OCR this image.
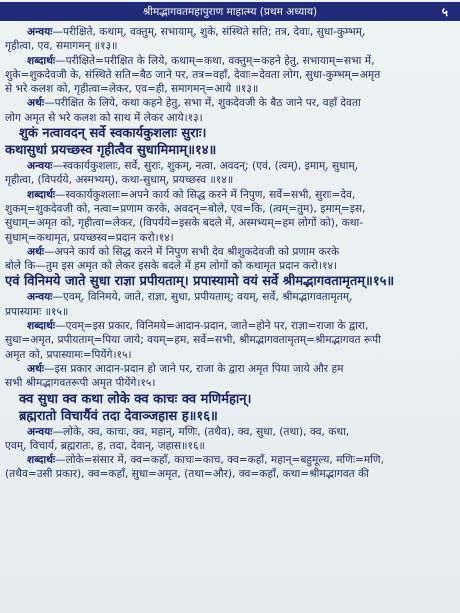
श्रीमद्भागवतमहापुराण माहात्म्य (प्रथम अध्याय)	५
अन्वयः—परीक्षिते, कथाम्, वक्तुम्, सभायाम्, शुके, संस्थिते सति; तत्र, देवाः, सुधा-कुम्भम्,
गृहीत्वा, एव, समागमन् ॥१३॥
शब्दार्थः—परीक्षिते=परीक्षित के लिये, कथाम्=कथा, वक्तुम्=कहने हेतु, सभायाम्=सभा में,
शुके=शुकदेवजी के, संस्थिते सति=बैठ जाने पर, तत्र=वहाँ, देवाः=देवता लोग, सुधा-कुम्भम्=अमृत
से भरे कलश को, गृहीत्वा=लेकर, एव=ही, समागमन्=आये ॥१३॥
अर्थः—परीक्षित के लिये, कथा कहने हेतु, सभा में, शुकदेवजी के बैठ जाने पर, वहाँ देवता
लोग अमृत से भरे कलश को साथ में लेकर आये।१३।
शुकं नत्वावदन् सर्वे स्वकार्यकुशलाः सुराः।
कथासुधां प्रयच्छस्व गृहीत्वैव सुधामिमाम्॥१४॥
अन्वयः—स्वकार्यकुशलाः, सर्वे, सुराः, शुकम्, नत्वा, अवदन्; (एवं, (त्वम्), इमाम्, सुधाम्,
गृहीत्वा, (विपर्यये, अस्मभ्यम्), कथा-सुधाम्, प्रयच्छस्व ॥१४॥
शब्दार्थः—स्वकार्यकुशलाः=अपने कार्य को सिद्ध करने में निपुण, सर्वे=सभी, सुराः=देव,
शुकम्=शुकदेवजी को, नत्वा=प्रणाम करके, अवदन्=बोले, एव=कि, (त्वम्=तुम), इमाम्=इस,
सुधाम्=अमृत को, गृहीत्वा=लेकर, (विपर्यये=इसके बदले में, अस्मभ्यम्=हम लोगों को), कथा-
सुधाम्=कथामृत, प्रयच्छस्व=प्रदान करो।१४।
अर्थः—अपने कार्य को सिद्ध करने में निपुण सभी देव श्रीशुकदेवजी को प्रणाम करके
बोले कि—तुम इस अमृत को लेकर इसके बदले में हम लोगों को कथामृत प्रदान करो।१४।
एवं विनिमये जाते सुधा राज्ञा प्रपीयताम्। प्रपास्यामो वयं सर्वे श्रीमद्भागवतामृतम्॥१५॥
अन्वयः—एवम्, विनिमये, जाते, राज्ञा, सुधा, प्रपीयताम्; वयम्, सर्वे, श्रीमद्भागवतामृतम्,
प्रपास्यामः ॥१५॥
शब्दार्थः—एवम्=इस प्रकार, विनिमये=आदान-प्रदान, जाते=होने पर, राज्ञा=राजा के द्वारा,
सुधा=अमृत, प्रपीयताम्=पिया जाये; वयम्=हम, सर्वे=सभी, श्रीमद्भागवतामृतम्=श्रीमद्भागवत रूपी
अमृत को, प्रपास्यामः=पियेंगे।१५।
अर्थः—इस प्रकार आदान-प्रदान हो जाने पर, राजा के द्वारा अमृत पिया जाये और हम
सभी श्रीमद्भागवतरूपी अमृत पीयेंगे।१५।
क्व सुधा क्व कथा लोके क्व काचः क्व मणिर्महान्।
ब्रह्मरातो विचार्यैवं तदा देवाञ्जहास ह॥१६॥
अन्वयः—लोके, क्व, काचः, क्व, महान्, मणिः, (तथैव), क्व, सुधा, (तथा), क्व, कथा,
एवम्, विचार्य, ब्रह्मरातः, ह, तदा, देवान्, जहास॥१६॥
शब्दार्थः—लोके=संसार में, क्व=कहाँ, काचः=काच, क्व=कहाँ, महान्=बहुमूल्य, मणिः=मणि,
(तथैव=उसी प्रकार), क्व=कहाँ, सुधा=अमृत, (तथा=और), क्व=कहाँ, कथा=श्रीमद्भागवत की
